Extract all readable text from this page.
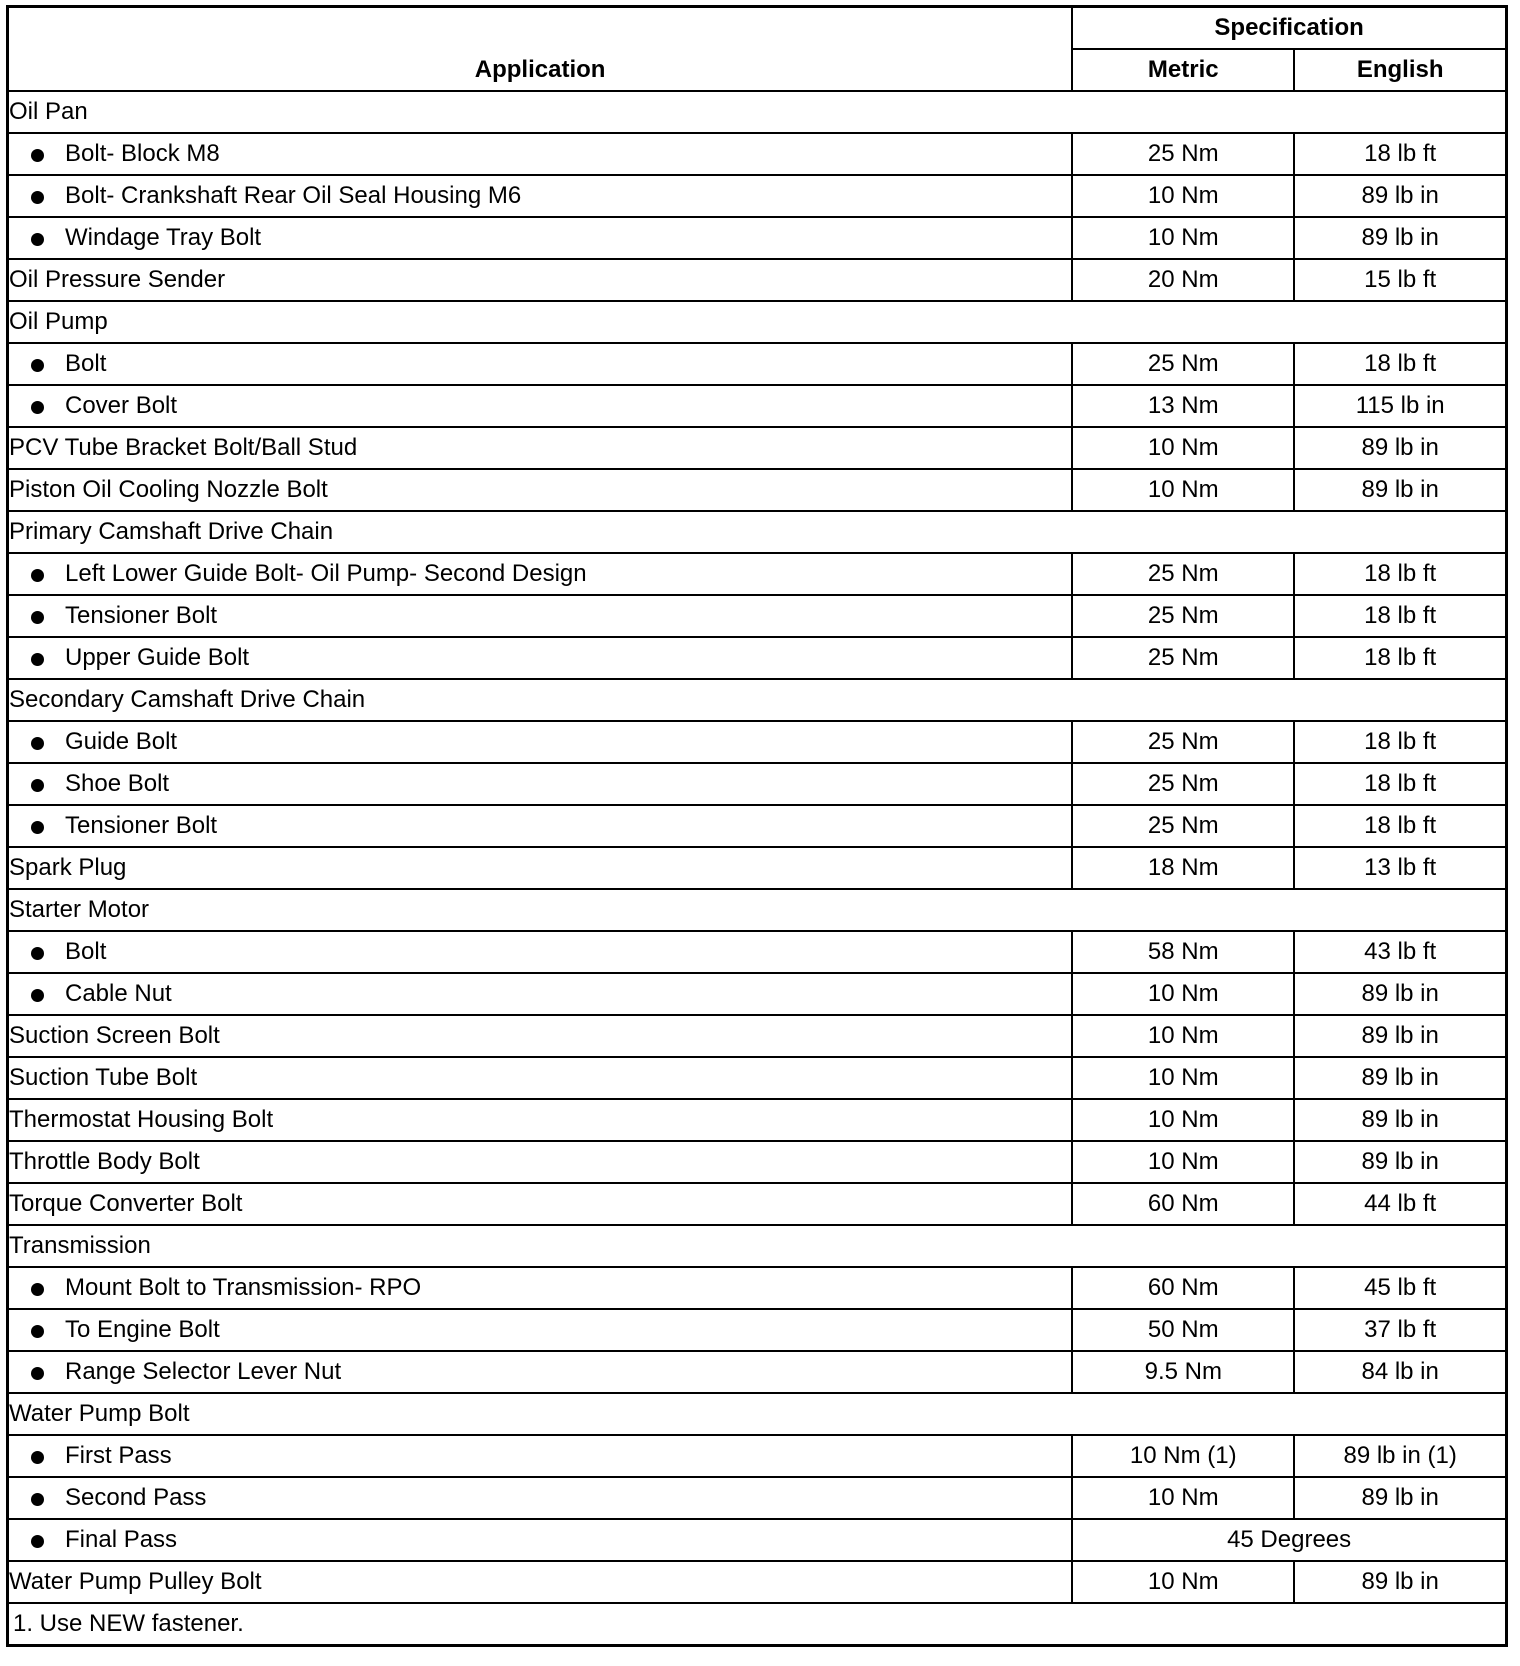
Application	Specification	
	Metric	English
Oil Pan		

Bolt- Block M8	25 Nm	18 lb ft

Bolt- Crankshaft Rear Oil Seal Housing M6	10 Nm	89 lb in

Windage Tray Bolt	10 Nm	89 lb in
Oil Pressure Sender	20 Nm	15 lb ft
Oil Pump		

Bolt	25 Nm	18 lb ft

Cover Bolt	13 Nm	115 lb in
PCV Tube Bracket Bolt/Ball Stud	10 Nm	89 lb in
Piston Oil Cooling Nozzle Bolt	10 Nm	89 lb in
Primary Camshaft Drive Chain		

Left Lower Guide Bolt- Oil Pump- Second Design	25 Nm	18 lb ft

Tensioner Bolt	25 Nm	18 lb ft

Upper Guide Bolt	25 Nm	18 lb ft
Secondary Camshaft Drive Chain		

Guide Bolt	25 Nm	18 lb ft

Shoe Bolt	25 Nm	18 lb ft

Tensioner Bolt	25 Nm	18 lb ft
Spark Plug	18 Nm	13 lb ft
Starter Motor		

Bolt	58 Nm	43 lb ft

Cable Nut	10 Nm	89 lb in
Suction Screen Bolt	10 Nm	89 lb in
Suction Tube Bolt	10 Nm	89 lb in
Thermostat Housing Bolt	10 Nm	89 lb in
Throttle Body Bolt	10 Nm	89 lb in
Torque Converter Bolt	60 Nm	44 lb ft
Transmission		

Mount Bolt to Transmission- RPO	60 Nm	45 lb ft

To Engine Bolt	50 Nm	37 lb ft

Range Selector Lever Nut	9.5 Nm	84 lb in
Water Pump Bolt		

First Pass	10 Nm (1)	89 lb in (1)

Second Pass	10 Nm	89 lb in

Final Pass	45 Degrees	
Water Pump Pulley Bolt	10 Nm	89 lb in
1. Use NEW fastener.		
